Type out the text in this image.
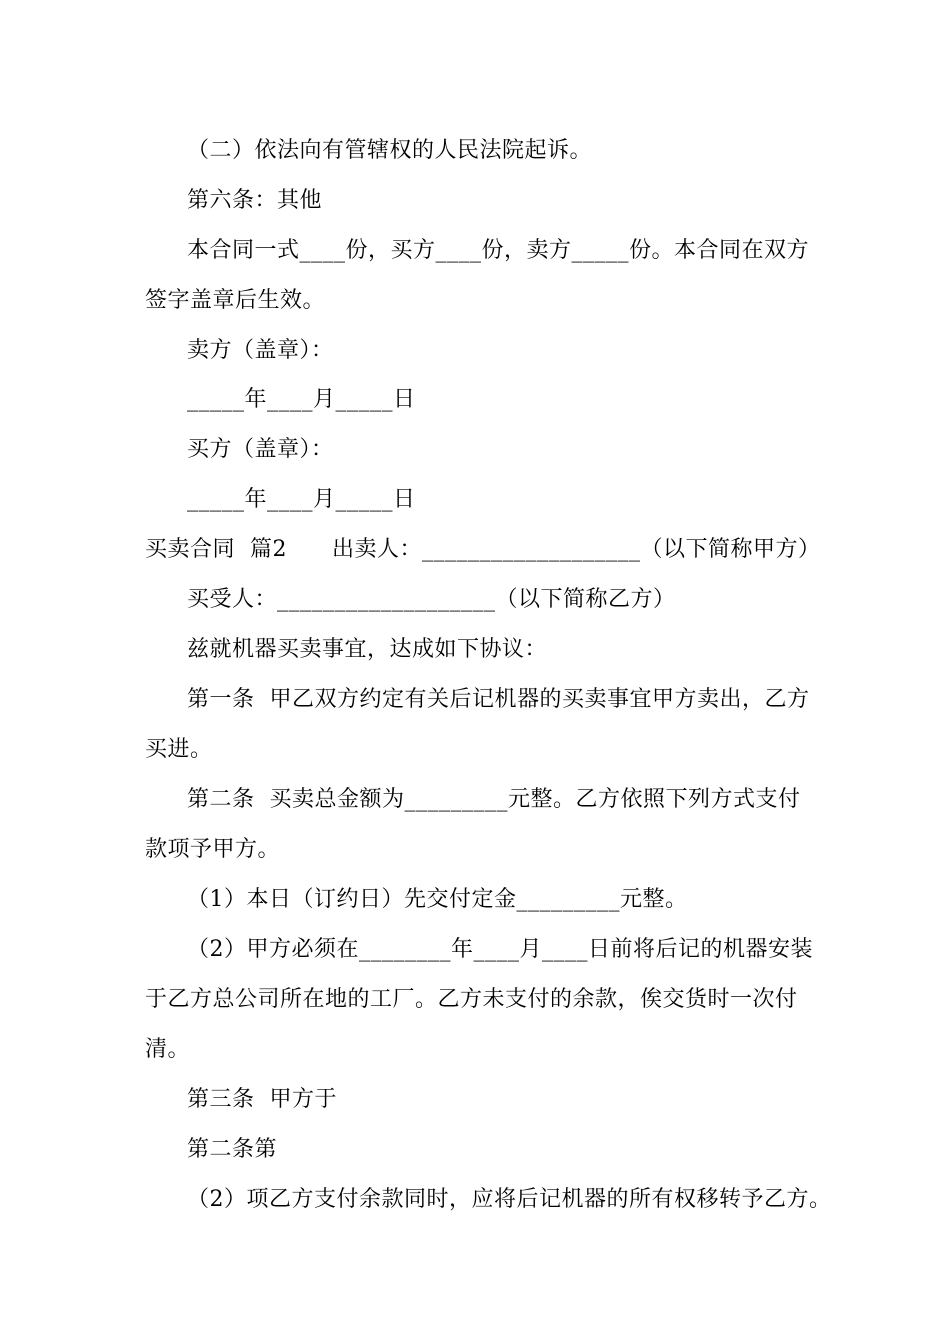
（二）依法向有管辖权的人民法院起诉。
第六条：其他
本合同一式____份，买方____份，卖方_____份。本合同在双方
签字盖章后生效。
卖方（盖章）：
_____年____月_____日
买方（盖章）：
_____年____月_____日
买卖合同  篇2      出卖人：___________________（以下简称甲方）
买受人：___________________（以下简称乙方）
兹就机器买卖事宜，达成如下协议：
第一条  甲乙双方约定有关后记机器的买卖事宜甲方卖出，乙方
买进。
第二条  买卖总金额为_________元整。乙方依照下列方式支付
款项予甲方。
（1）本日（订约日）先交付定金_________元整。
（2）甲方必须在________年____月____日前将后记的机器安装
于乙方总公司所在地的工厂。乙方未支付的余款，俟交货时一次付
清。
第三条  甲方于
第二条第
（2）项乙方支付余款同时，应将后记机器的所有权移转予乙方。
